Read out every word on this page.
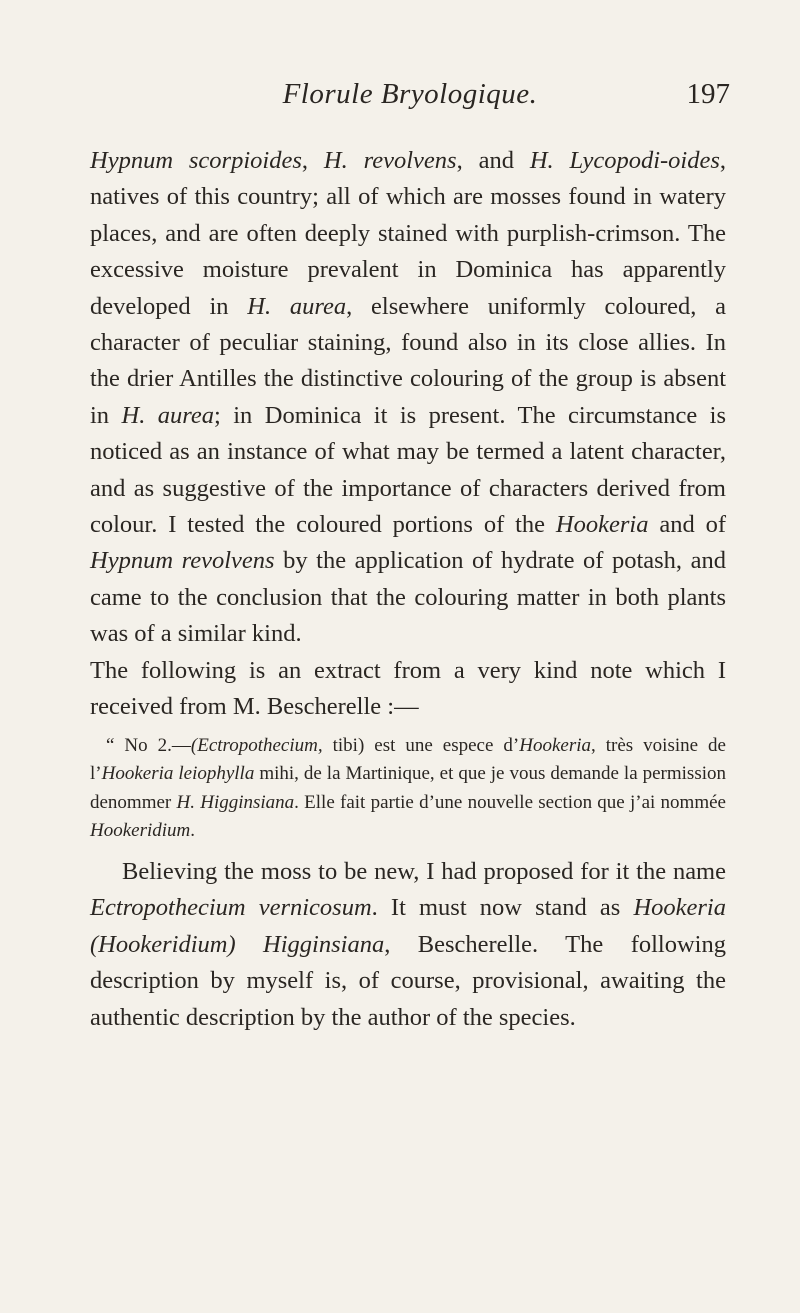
Florule Bryologique.	197

Hypnum scorpioides, H. revolvens, and H. Lycopodi-oides, natives of this country; all of which are mosses found in watery places, and are often deeply stained with purplish-crimson. The excessive moisture prevalent in Dominica has apparently developed in H. aurea, elsewhere uniformly coloured, a character of peculiar staining, found also in its close allies. In the drier Antilles the distinctive colouring of the group is absent in H. aurea; in Dominica it is present. The circumstance is noticed as an instance of what may be termed a latent character, and as suggestive of the importance of characters derived from colour. I tested the coloured portions of the Hookeria and of Hypnum revolvens by the application of hydrate of potash, and came to the conclusion that the colouring matter in both plants was of a similar kind.

The following is an extract from a very kind note which I received from M. Bescherelle :—

“ No 2.—(Ectropothecium, tibi) est une espece d’Hookeria, très voisine de l’Hookeria leiophylla mihi, de la Martinique, et que je vous demande la permission denommer H. Higginsiana. Elle fait partie d’une nouvelle section que j’ai nommée Hookeridium.

Believing the moss to be new, I had proposed for it the name Ectropothecium vernicosum. It must now stand as Hookeria (Hookeridium) Higginsiana, Bescherelle. The following description by myself is, of course, provisional, awaiting the authentic description by the author of the species.
